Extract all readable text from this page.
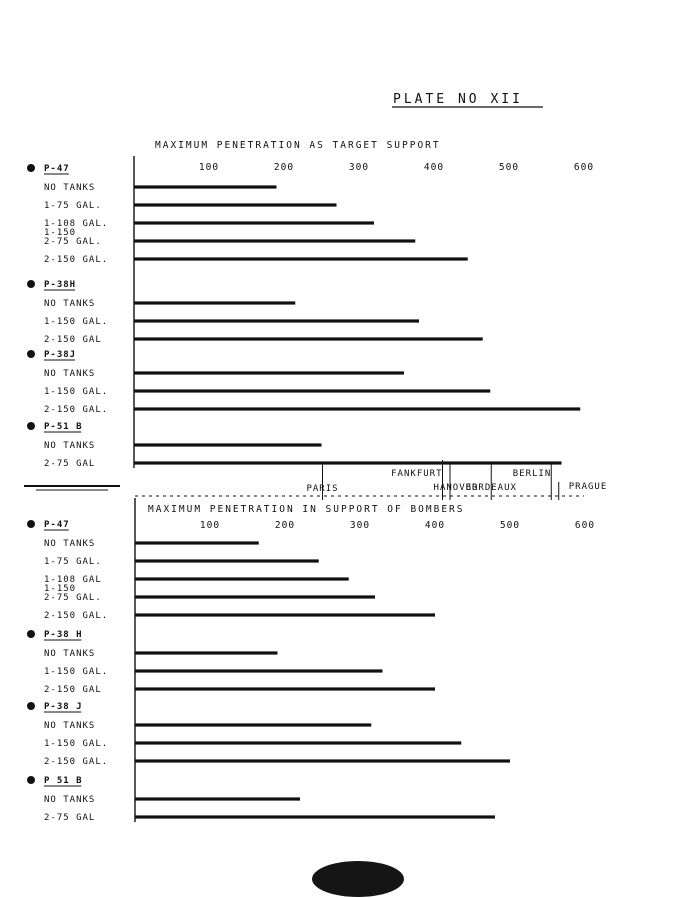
PLATE NO XII
MAXIMUM PENETRATION AS TARGET SUPPORT
100	200	300	400	500	600
P-47
NO TANKS
1-75 GAL.
1-108 GAL.
1-150
2-75 GAL.
2-150 GAL.
P-38H
NO TANKS
1-150 GAL.
2-150 GAL
P-38J
NO TANKS
1-150 GAL.
2-150 GAL.
P-51 B
NO TANKS
2-75 GAL
PARIS
FANKFURT
HANOVER
BORDEAUX
BERLIN
PRAGUE
MAXIMUM PENETRATION IN SUPPORT OF BOMBERS
100	200	300	400	500	600
P-47
NO TANKS
1-75 GAL.
1-108 GAL
1-150
2-75 GAL.
2-150 GAL.
P-38 H
NO TANKS
1-150 GAL.
2-150 GAL
P-38 J
NO TANKS
1-150 GAL.
2-150 GAL.
P 51 B
NO TANKS
2-75 GAL
